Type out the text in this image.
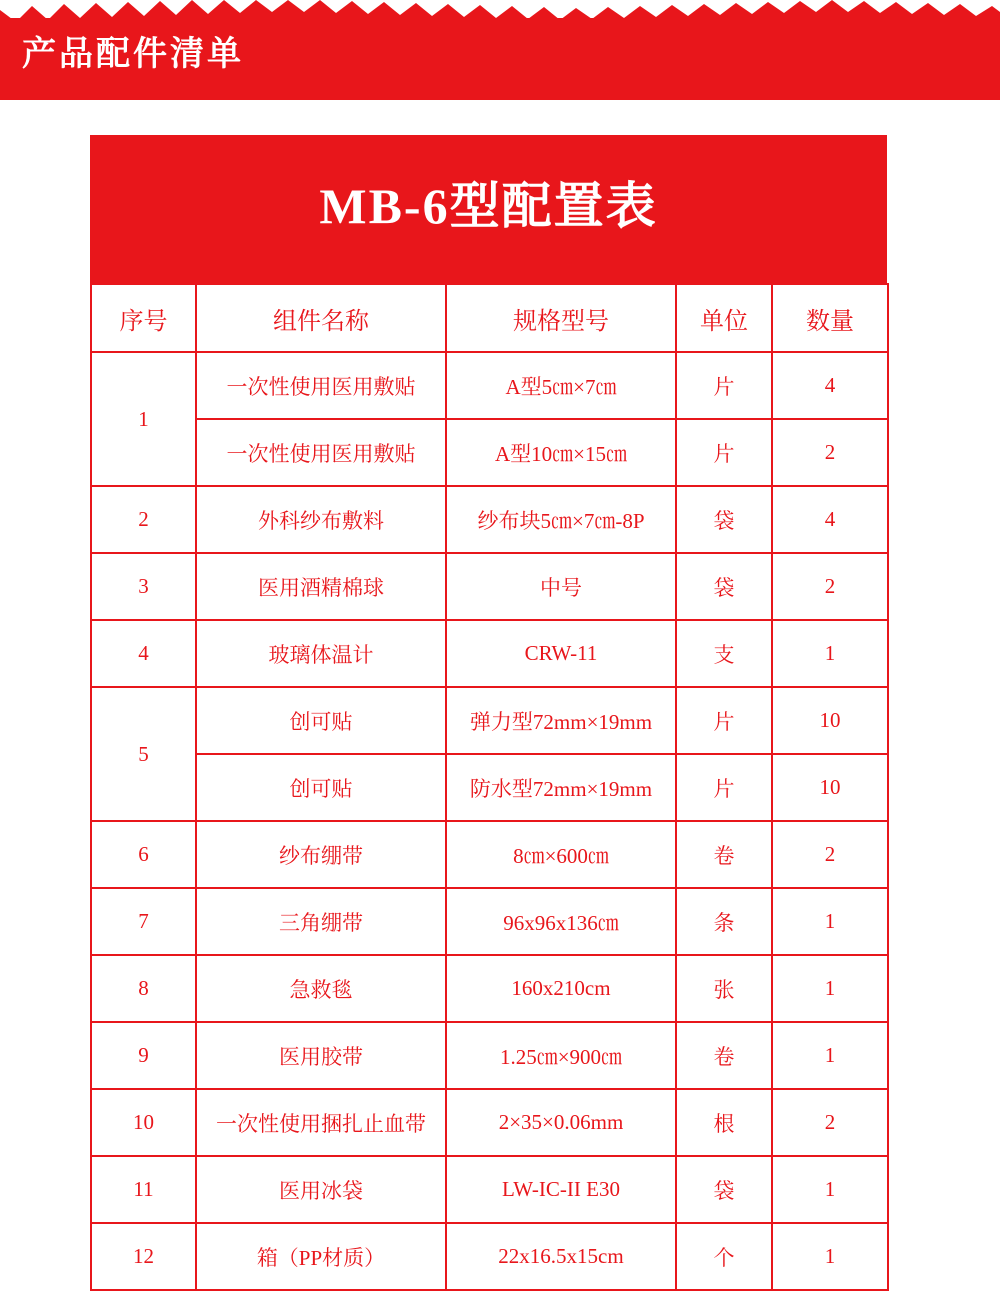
产品配件清单
MB-6型配置表
序号	组件名称	规格型号	单位	数量
1	一次性使用医用敷贴	A型5㎝×7㎝	片	4
	一次性使用医用敷贴	A型10㎝×15㎝	片	2
2	外科纱布敷料	纱布块5㎝×7㎝-8P	袋	4
3	医用酒精棉球	中号	袋	2
4	玻璃体温计	CRW-11	支	1
5	创可贴	弹力型72mm×19mm	片	10
	创可贴	防水型72mm×19mm	片	10
6	纱布绷带	8㎝×600㎝	卷	2
7	三角绷带	96x96x136㎝	条	1
8	急救毯	160x210cm	张	1
9	医用胶带	1.25㎝×900㎝	卷	1
10	一次性使用捆扎止血带	2×35×0.06mm	根	2
11	医用冰袋	LW-IC-II E30	袋	1
12	箱（PP材质）	22x16.5x15cm	个	1
